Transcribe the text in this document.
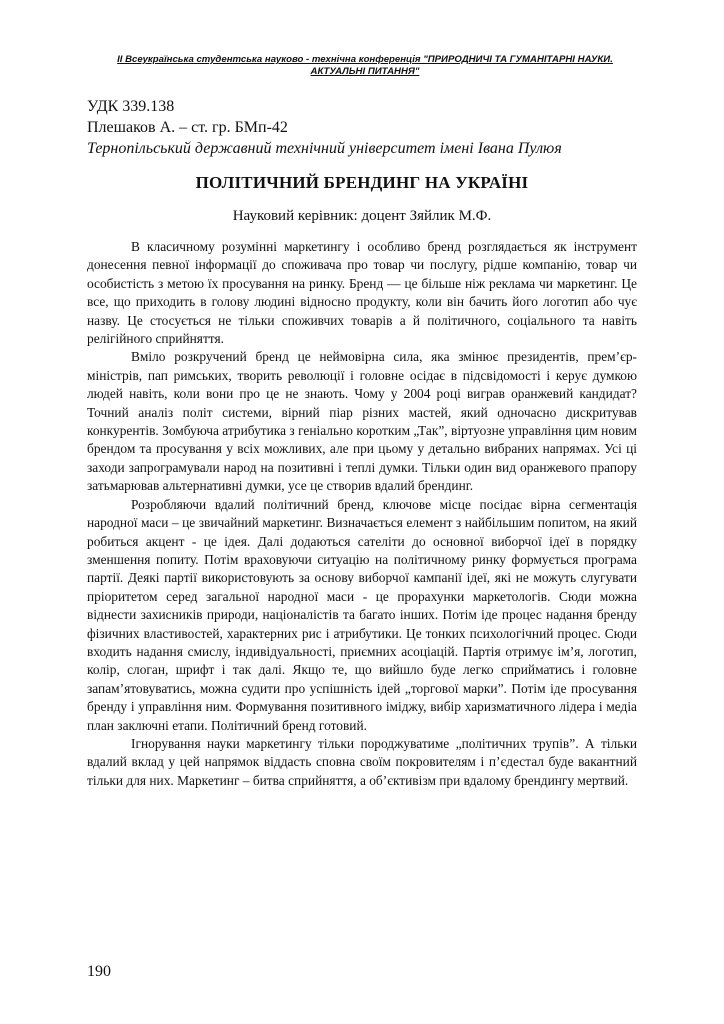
ІІ Всеукраїнська студентська науково - технічна конференція "ПРИРОДНИЧІ ТА ГУМАНІТАРНІ НАУКИ.
АКТУАЛЬНІ ПИТАННЯ"
УДК 339.138
Плешаков А. – ст. гр. БМп-42
Тернопільський державний технічний університет імені Івана Пулюя
ПОЛІТИЧНИЙ БРЕНДИНГ НА УКРАЇНІ
Науковий керівник: доцент Зяйлик М.Ф.

В класичному розумінні маркетингу і особливо бренд розглядається як інструмент донесення певної інформації до споживача про товар чи послугу, рідше компанію, товар чи особистість з метою їх просування на ринку. Бренд — це більше ніж реклама чи маркетинг. Це все, що приходить в голову людині відносно продукту, коли він бачить його логотип або чує назву. Це стосується не тільки споживчих товарів а й політичного, соціального та навіть релігійного сприйняття.

Вміло розкручений бренд це неймовірна сила, яка змінює президентів, прем’єр-міністрів, пап римських, творить революції і головне осідає в підсвідомості і керує думкою людей навіть, коли вони про це не знають. Чому у 2004 році виграв оранжевий кандидат? Точний аналіз політ системи, вірний піар різних мастей, який одночасно дискритував конкурентів. Зомбуюча атрибутика з геніально коротким „Так”, віртуозне управління цим новим брендом та просування у всіх можливих, але при цьому у детально вибраних напрямах. Усі ці заходи запрограмували народ на позитивні і теплі думки. Тільки один вид оранжевого прапору затьмарював альтернативні думки, усе це створив вдалий брендинг.

Розробляючи вдалий політичний бренд, ключове місце посідає вірна сегментація народної маси – це звичайний маркетинг. Визначається елемент з найбільшим попитом, на який робиться акцент - це ідея. Далі додаються сателіти до основної виборчої ідеї в порядку зменшення попиту. Потім враховуючи ситуацію на політичному ринку формується програма партії. Деякі партії використовують за основу виборчої кампанії ідеї, які не можуть слугувати пріоритетом серед загальної народної маси - це прорахунки маркетологів. Сюди можна віднести захисників природи, націоналістів та багато інших. Потім іде процес надання бренду фізичних властивостей, характерних рис і атрибутики. Це тонких психологічний процес. Сюди входить надання смислу, індивідуальності, приємних асоціацій. Партія отримує ім’я, логотип, колір, слоган, шрифт і так далі. Якщо те, що вийшло буде легко сприйматись і головне запам’ятовуватись, можна судити про успішність ідей „торгової марки”. Потім іде просування бренду і управління ним. Формування позитивного іміджу, вибір харизматичного лідера і медіа план заключні етапи. Політичний бренд готовий.

Ігнорування науки маркетингу тільки породжуватиме „політичних трупів”. А тільки вдалий вклад у цей напрямок віддасть сповна своїм покровителям і п’єдестал буде вакантний тільки для них. Маркетинг – битва сприйняття, а об’єктивізм при вдалому брендингу мертвий.

190
